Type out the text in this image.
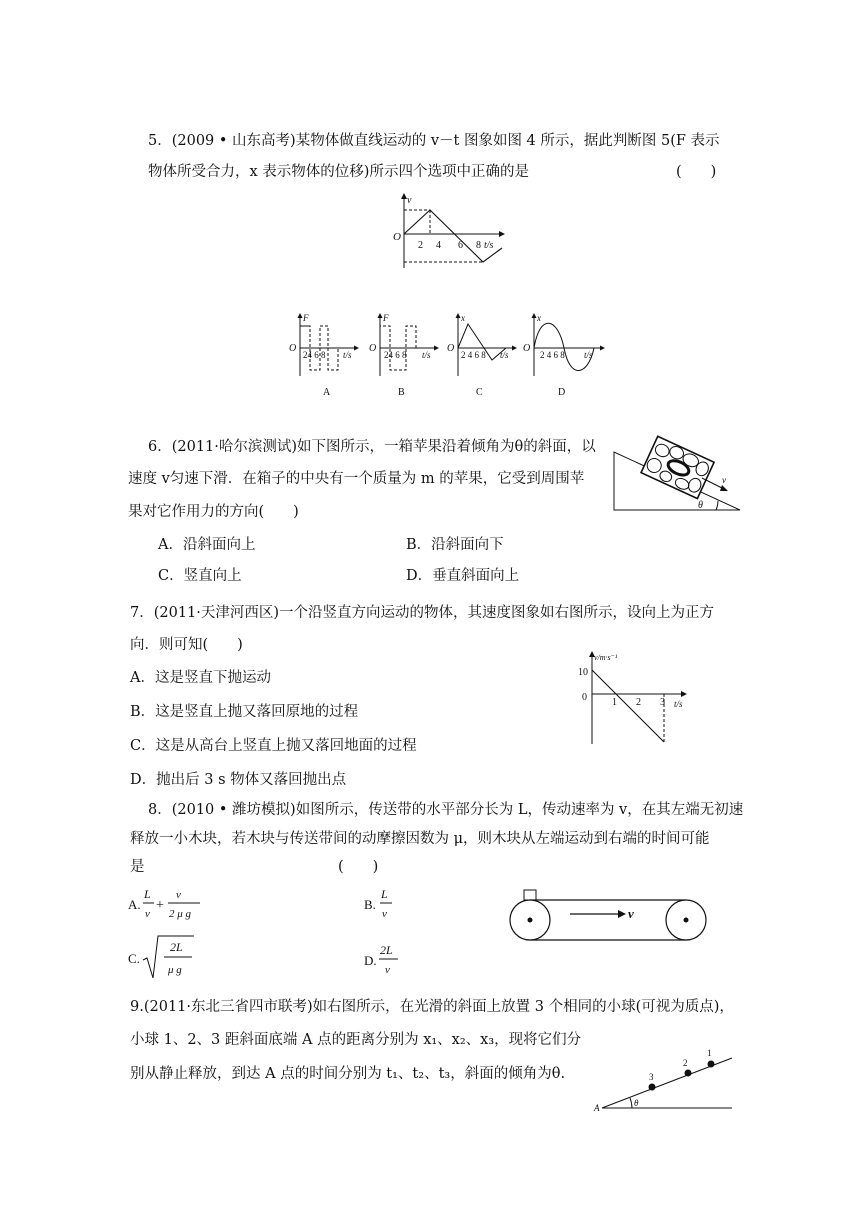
5．(2009 • 山东高考)某物体做直线运动的 v－t 图象如图 4 所示，据此判断图 5(F 表示
物体所受合力，x 表示物体的位移)所示四个选项中正确的是	(　　)
v
O
2 4 6 8 t/s
F
O
24 6 8 t/s
A
F
O
24 6 8 t/s
B
x
O
2 4 6 8 t/s
C
x
O
2 4 6 8 t/s
D
6．(2011·哈尔滨测试)如下图所示，一箱苹果沿着倾角为θ的斜面，以
速度 v匀速下滑．在箱子的中央有一个质量为 m 的苹果，它受到周围苹
果对它作用力的方向(　　)
A．沿斜面向上	B．沿斜面向下
C．竖直向上	D．垂直斜面向上
v
θ
7．(2011·天津河西区)一个沿竖直方向运动的物体，其速度图象如右图所示，设向上为正方
向．则可知(　　)
A．这是竖直下抛运动
B．这是竖直上抛又落回原地的过程
C．这是从高台上竖直上抛又落回地面的过程
D．抛出后 3 s 物体又落回抛出点
v/m·s⁻¹
10
0	1 2 3 t/s
8．(2010 • 潍坊模拟)如图所示，传送带的水平部分长为 L，传动速率为 v，在其左端无初速
释放一小木块，若木块与传送带间的动摩擦因数为 μ，则木块从左端运动到右端的时间可能
是	(　　)
A.
L
v
+
v
2 μ g
B.
L
v
C.
2L
μ g
D.
2L
v
v
9.(2011·东北三省四市联考)如右图所示，在光滑的斜面上放置 3 个相同的小球(可视为质点)，
小球 1、2、3 距斜面底端 A 点的距离分别为 x₁、x₂、x₃，现将它们分
别从静止释放，到达 A 点的时间分别为 t₁、t₂、t₃，斜面的倾角为θ.
1
2
3
A	θ
